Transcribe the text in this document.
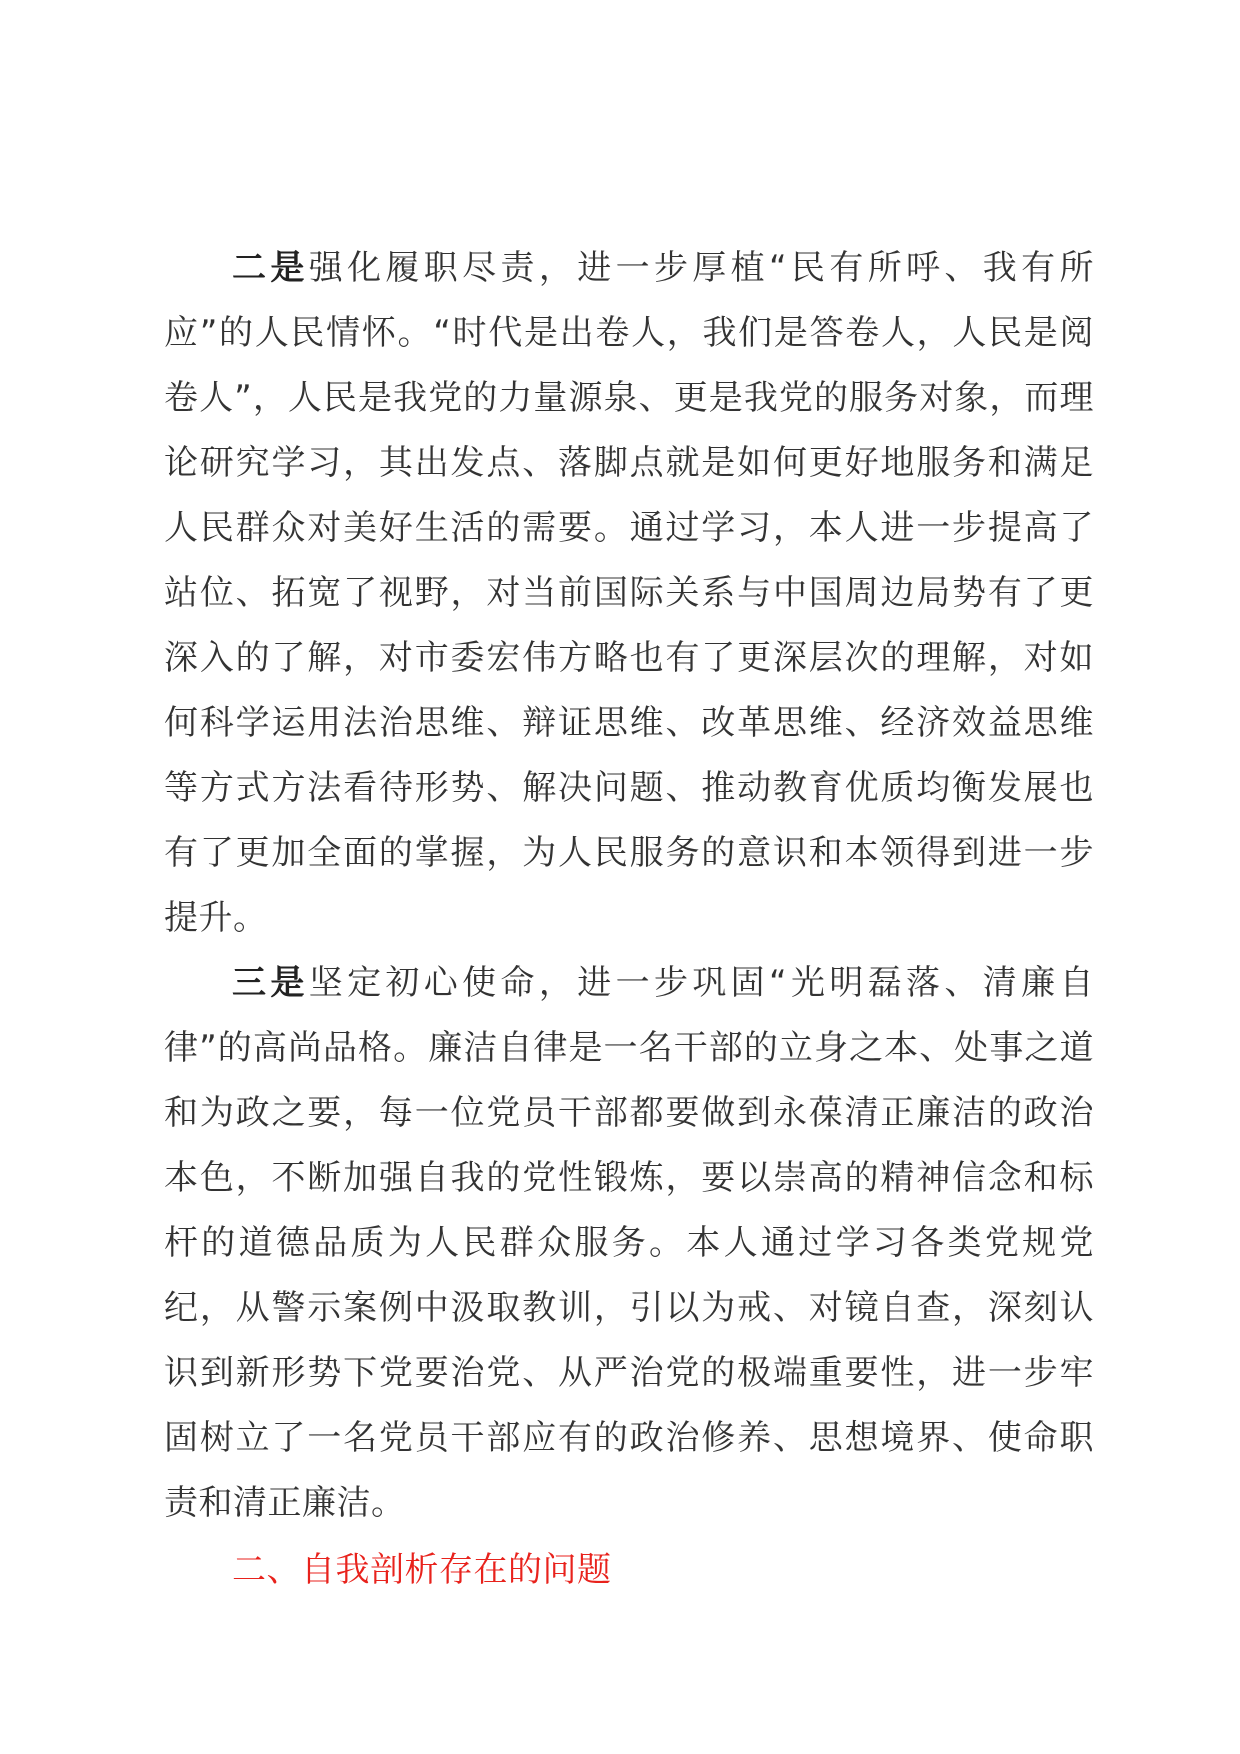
二是强化履职尽责，进一步厚植“民有所呼、我有所应”的人民情怀。“时代是出卷人，我们是答卷人，人民是阅卷人”，人民是我党的力量源泉、更是我党的服务对象，而理论研究学习，其出发点、落脚点就是如何更好地服务和满足人民群众对美好生活的需要。通过学习，本人进一步提高了站位、拓宽了视野，对当前国际关系与中国周边局势有了更深入的了解，对市委宏伟方略也有了更深层次的理解，对如何科学运用法治思维、辩证思维、改革思维、经济效益思维等方式方法看待形势、解决问题、推动教育优质均衡发展也有了更加全面的掌握，为人民服务的意识和本领得到进一步提升。

三是坚定初心使命，进一步巩固“光明磊落、清廉自律”的高尚品格。廉洁自律是一名干部的立身之本、处事之道和为政之要，每一位党员干部都要做到永葆清正廉洁的政治本色，不断加强自我的党性锻炼，要以崇高的精神信念和标杆的道德品质为人民群众服务。本人通过学习各类党规党纪，从警示案例中汲取教训，引以为戒、对镜自查，深刻认识到新形势下党要治党、从严治党的极端重要性，进一步牢固树立了一名党员干部应有的政治修养、思想境界、使命职责和清正廉洁。

二、自我剖析存在的问题
